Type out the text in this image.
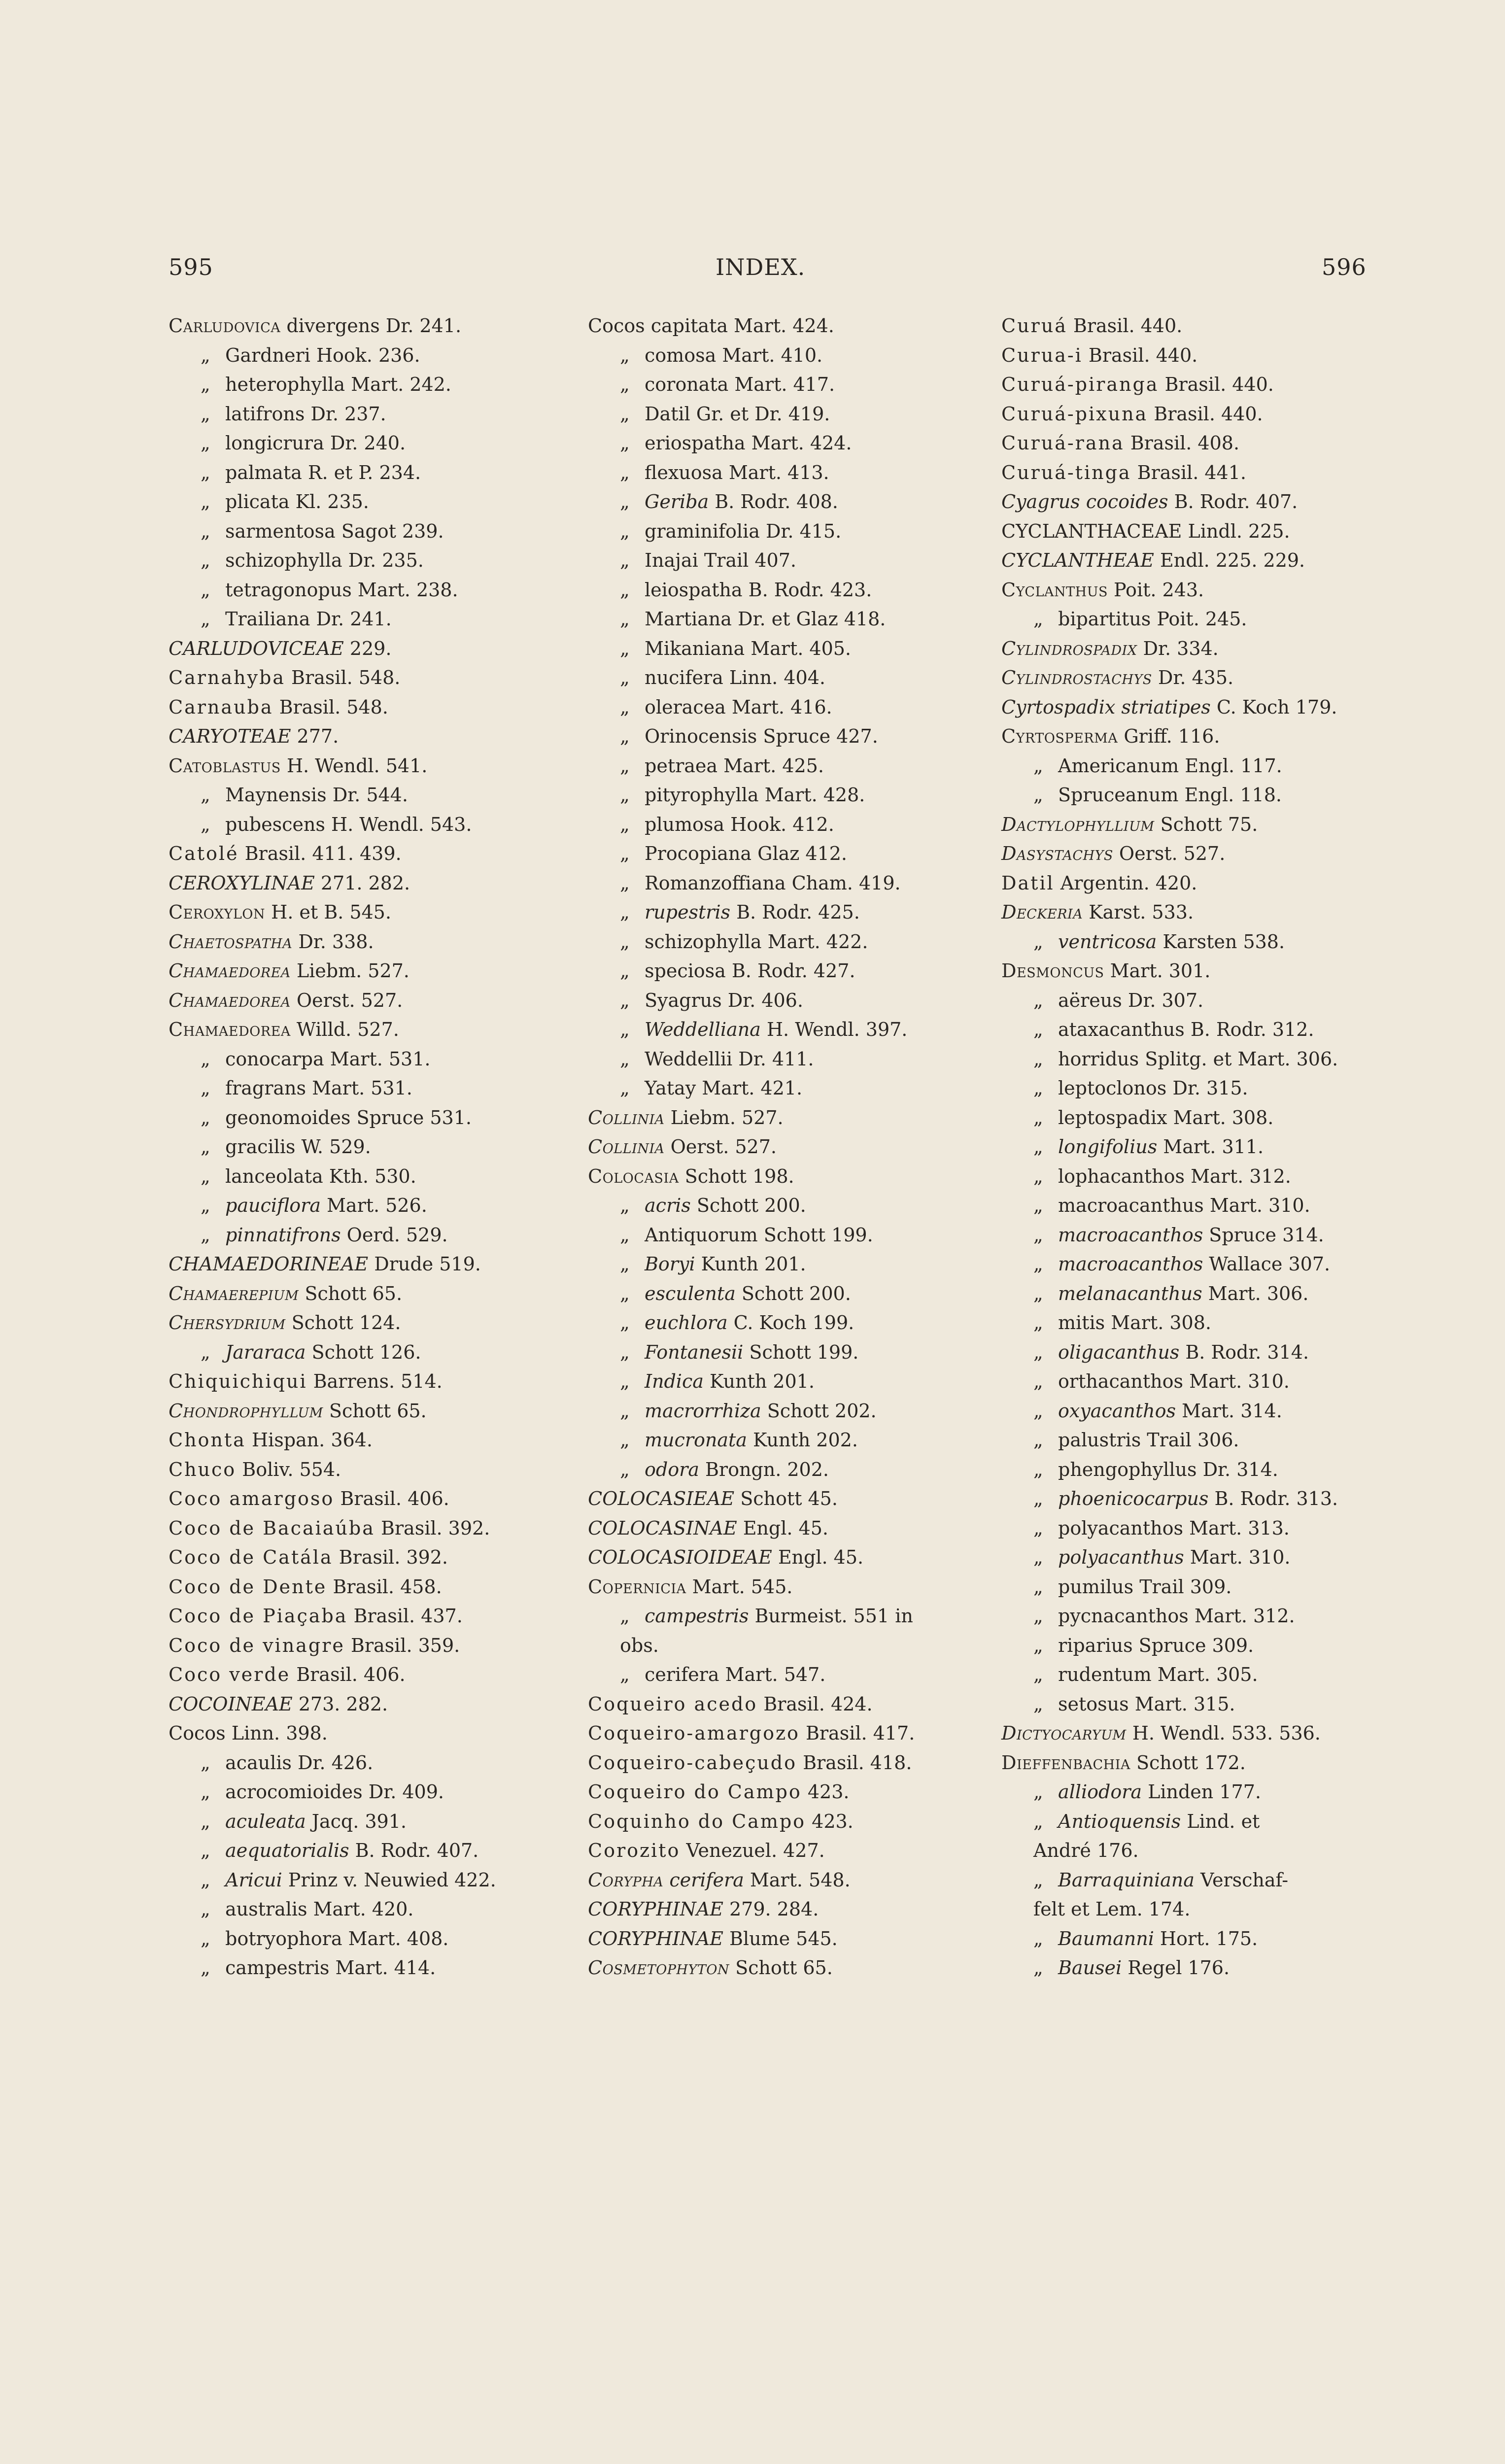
595	INDEX.	596
Carludovica divergens Dr. 241.
„ Gardneri Hook. 236.
„ heterophylla Mart. 242.
„ latifrons Dr. 237.
„ longicrura Dr. 240.
„ palmata R. et P. 234.
„ plicata Kl. 235.
„ sarmentosa Sagot 239.
„ schizophylla Dr. 235.
„ tetragonopus Mart. 238.
„ Trailiana Dr. 241.
CARLUDOVICEAE 229.
Carnahyba Brasil. 548.
Carnauba Brasil. 548.
CARYOTEAE 277.
Catoblastus H. Wendl. 541.
„ Maynensis Dr. 544.
„ pubescens H. Wendl. 543.
Catolé Brasil. 411. 439.
CEROXYLINAE 271. 282.
Ceroxylon H. et B. 545.
Chaetospatha Dr. 338.
Chamaedorea Liebm. 527.
Chamaedorea Oerst. 527.
Chamaedorea Willd. 527.
„ conocarpa Mart. 531.
„ fragrans Mart. 531.
„ geonomoides Spruce 531.
„ gracilis W. 529.
„ lanceolata Kth. 530.
„ pauciflora Mart. 526.
„ pinnatifrons Oerd. 529.
CHAMAEDORINEAE Drude 519.
Chamaerepium Schott 65.
Chersydrium Schott 124.
„ Jararaca Schott 126.
Chiquichiqui Barrens. 514.
Chondrophyllum Schott 65.
Chonta Hispan. 364.
Chuco Boliv. 554.
Coco amargoso Brasil. 406.
Coco de Bacaiaúba Brasil. 392.
Coco de Catála Brasil. 392.
Coco de Dente Brasil. 458.
Coco de Piaçaba Brasil. 437.
Coco de vinagre Brasil. 359.
Coco verde Brasil. 406.
COCOINEAE 273. 282.
Cocos Linn. 398.
„ acaulis Dr. 426.
„ acrocomioides Dr. 409.
„ aculeata Jacq. 391.
„ aequatorialis B. Rodr. 407.
„ Aricui Prinz v. Neuwied 422.
„ australis Mart. 420.
„ botryophora Mart. 408.
„ campestris Mart. 414.
Cocos capitata Mart. 424.
„ comosa Mart. 410.
„ coronata Mart. 417.
„ Datil Gr. et Dr. 419.
„ eriospatha Mart. 424.
„ flexuosa Mart. 413.
„ Geriba B. Rodr. 408.
„ graminifolia Dr. 415.
„ Inajai Trail 407.
„ leiospatha B. Rodr. 423.
„ Martiana Dr. et Glaz 418.
„ Mikaniana Mart. 405.
„ nucifera Linn. 404.
„ oleracea Mart. 416.
„ Orinocensis Spruce 427.
„ petraea Mart. 425.
„ pityrophylla Mart. 428.
„ plumosa Hook. 412.
„ Procopiana Glaz 412.
„ Romanzoffiana Cham. 419.
„ rupestris B. Rodr. 425.
„ schizophylla Mart. 422.
„ speciosa B. Rodr. 427.
„ Syagrus Dr. 406.
„ Weddelliana H. Wendl. 397.
„ Weddellii Dr. 411.
„ Yatay Mart. 421.
Collinia Liebm. 527.
Collinia Oerst. 527.
Colocasia Schott 198.
„ acris Schott 200.
„ Antiquorum Schott 199.
„ Boryi Kunth 201.
„ esculenta Schott 200.
„ euchlora C. Koch 199.
„ Fontanesii Schott 199.
„ Indica Kunth 201.
„ macrorrhiza Schott 202.
„ mucronata Kunth 202.
„ odora Brongn. 202.
COLOCASIEAE Schott 45.
COLOCASINAE Engl. 45.
COLOCASIOIDEAE Engl. 45.
Copernicia Mart. 545.
„ campestris Burmeist. 551 in
obs.
„ cerifera Mart. 547.
Coqueiro acedo Brasil. 424.
Coqueiro-amargozo Brasil. 417.
Coqueiro-cabeçudo Brasil. 418.
Coqueiro do Campo 423.
Coquinho do Campo 423.
Corozito Venezuel. 427.
Corypha cerifera Mart. 548.
CORYPHINAE 279. 284.
CORYPHINAE Blume 545.
Cosmetophyton Schott 65.
Curuá Brasil. 440.
Curua-i Brasil. 440.
Curuá-piranga Brasil. 440.
Curuá-pixuna Brasil. 440.
Curuá-rana Brasil. 408.
Curuá-tinga Brasil. 441.
Cyagrus cocoides B. Rodr. 407.
CYCLANTHACEAE Lindl. 225.
CYCLANTHEAE Endl. 225. 229.
Cyclanthus Poit. 243.
„ bipartitus Poit. 245.
Cylindrospadix Dr. 334.
Cylindrostachys Dr. 435.
Cyrtospadix striatipes C. Koch 179.
Cyrtosperma Griff. 116.
„ Americanum Engl. 117.
„ Spruceanum Engl. 118.
Dactylophyllium Schott 75.
Dasystachys Oerst. 527.
Datil Argentin. 420.
Deckeria Karst. 533.
„ ventricosa Karsten 538.
Desmoncus Mart. 301.
„ aëreus Dr. 307.
„ ataxacanthus B. Rodr. 312.
„ horridus Splitg. et Mart. 306.
„ leptoclonos Dr. 315.
„ leptospadix Mart. 308.
„ longifolius Mart. 311.
„ lophacanthos Mart. 312.
„ macroacanthus Mart. 310.
„ macroacanthos Spruce 314.
„ macroacanthos Wallace 307.
„ melanacanthus Mart. 306.
„ mitis Mart. 308.
„ oligacanthus B. Rodr. 314.
„ orthacanthos Mart. 310.
„ oxyacanthos Mart. 314.
„ palustris Trail 306.
„ phengophyllus Dr. 314.
„ phoenicocarpus B. Rodr. 313.
„ polyacanthos Mart. 313.
„ polyacanthus Mart. 310.
„ pumilus Trail 309.
„ pycnacanthos Mart. 312.
„ riparius Spruce 309.
„ rudentum Mart. 305.
„ setosus Mart. 315.
Dictyocaryum H. Wendl. 533. 536.
Dieffenbachia Schott 172.
„ alliodora Linden 177.
„ Antioquensis Lind. et
André 176.
„ Barraquiniana Verschaf-
felt et Lem. 174.
„ Baumanni Hort. 175.
„ Bausei Regel 176.
